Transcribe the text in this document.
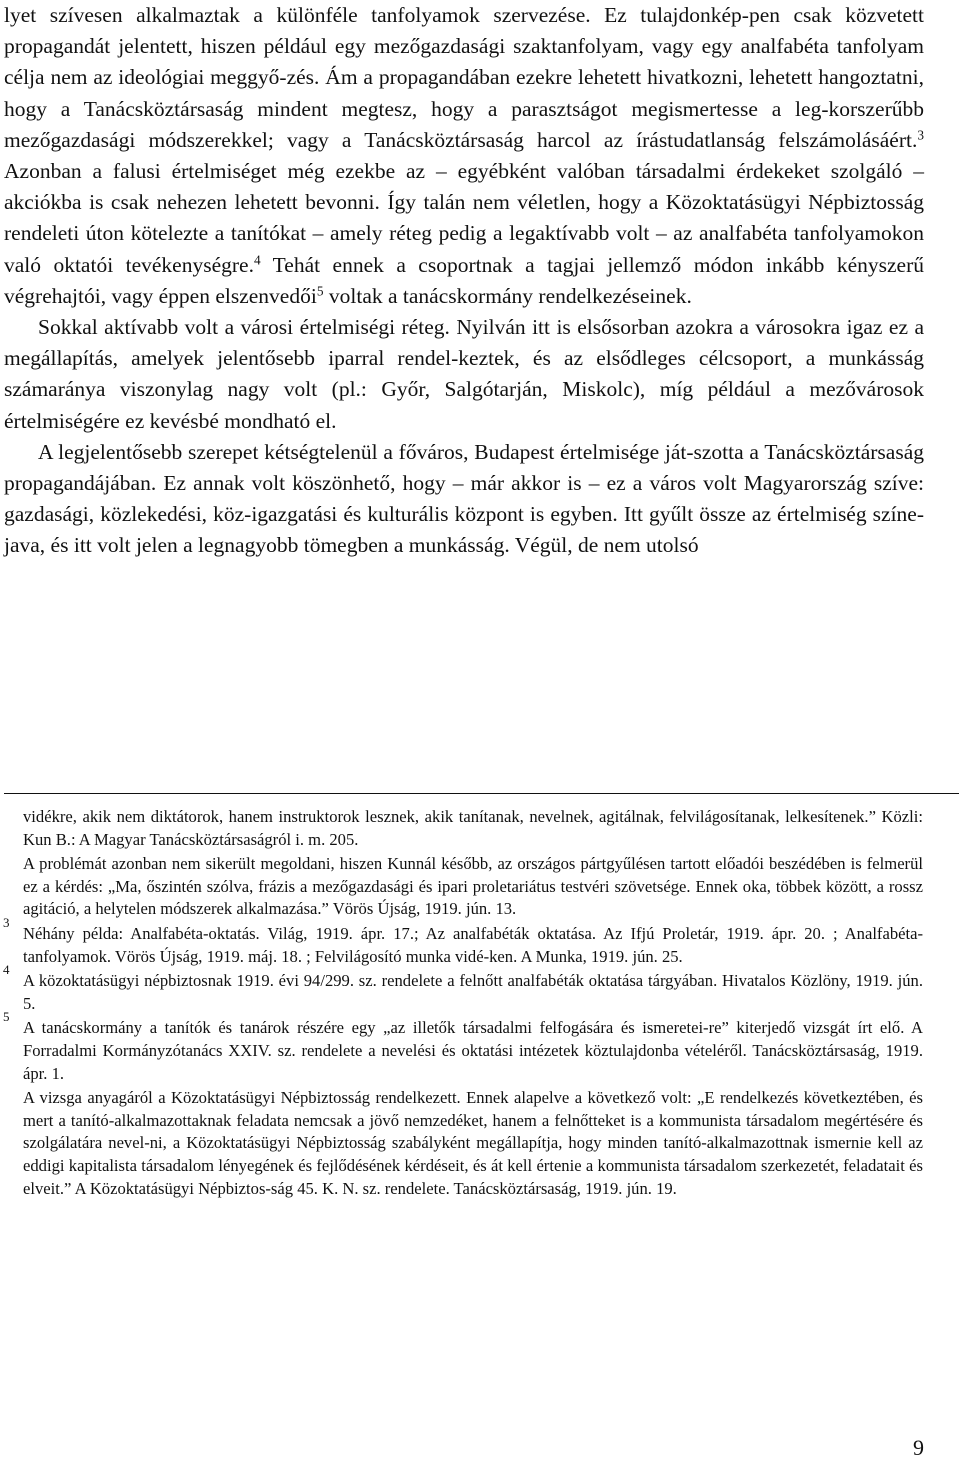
lyet szívesen alkalmaztak a különféle tanfolyamok szervezése. Ez tulajdonkép-pen csak közvetett propagandát jelentett, hiszen például egy mezőgazdasági szaktanfolyam, vagy egy analfabéta tanfolyam célja nem az ideológiai meggyő-zés. Ám a propagandában ezekre lehetett hivatkozni, lehetett hangoztatni, hogy a Tanácsköztársaság mindent megtesz, hogy a parasztságot megismertesse a leg-korszerűbb mezőgazdasági módszerekkel; vagy a Tanácsköztársaság harcol az írástudatlanság felszámolásáért.$^3$ Azonban a falusi értelmiséget még ezekbe az – egyébként valóban társadalmi érdekeket szolgáló – akciókba is csak nehezen lehetett bevonni. Így talán nem véletlen, hogy a Közoktatásügyi Népbiztosság rendeleti úton kötelezte a tanítókat – amely réteg pedig a legaktívabb volt – az analfabéta tanfolyamokon való oktatói tevékenységre.$^4$ Tehát ennek a csoportnak a tagjai jellemző módon inkább kényszerű végrehajtói, vagy éppen elszenvedői$^5$ voltak a tanácskormány rendelkezéseinek.

Sokkal aktívabb volt a városi értelmiségi réteg. Nyilván itt is elsősorban azokra a városokra igaz ez a megállapítás, amelyek jelentősebb iparral rendel-keztek, és az elsődleges célcsoport, a munkásság számaránya viszonylag nagy volt (pl.: Győr, Salgótarján, Miskolc), míg például a mezővárosok értelmiségére ez kevésbé mondható el.

A legjelentősebb szerepet kétségtelenül a főváros, Budapest értelmisége ját-szotta a Tanácsköztársaság propagandájában. Ez annak volt köszönhető, hogy – már akkor is – ez a város volt Magyarország szíve: gazdasági, közlekedési, köz-igazgatási és kulturális központ is egyben. Itt gyűlt össze az értelmiség színe-java, és itt volt jelen a legnagyobb tömegben a munkásság. Végül, de nem utolsó

vidékre, akik nem diktátorok, hanem instruktorok lesznek, akik tanítanak, nevelnek, agitálnak, felvilágosítanak, lelkesítenek.” Közli: Kun B.: A Magyar Tanácsköztársaságról i. m. 205.

A problémát azonban nem sikerült megoldani, hiszen Kunnál később, az országos pártgyűlésen tartott előadói beszédében is felmerül ez a kérdés: „Ma, őszintén szólva, frázis a mezőgazdasági és ipari proletariátus testvéri szövetsége. Ennek oka, többek között, a rossz agitáció, a helytelen módszerek alkalmazása.” Vörös Újság, 1919. jún. 13.

3
Néhány példa: Analfabéta-oktatás. Világ, 1919. ápr. 17.; Az analfabéták oktatása. Az Ifjú Proletár, 1919. ápr. 20. ; Analfabéta-tanfolyamok. Vörös Újság, 1919. máj. 18. ; Felvilágosító munka vidé-ken. A Munka, 1919. jún. 25.

4
A közoktatásügyi népbiztosnak 1919. évi 94/299. sz. rendelete a felnőtt analfabéták oktatása tárgyában. Hivatalos Közlöny, 1919. jún. 5.

5
A tanácskormány a tanítók és tanárok részére egy „az illetők társadalmi felfogására és ismeretei-re” kiterjedő vizsgát írt elő. A Forradalmi Kormányzótanács XXIV. sz. rendelete a nevelési és oktatási intézetek köztulajdonba vételéről. Tanácsköztársaság, 1919. ápr. 1.

A vizsga anyagáról a Közoktatásügyi Népbiztosság rendelkezett. Ennek alapelve a következő volt: „E rendelkezés következtében, és mert a tanító-alkalmazottaknak feladata nemcsak a jövő nemzedéket, hanem a felnőtteket is a kommunista társadalom megértésére és szolgálatára nevel-ni, a Közoktatásügyi Népbiztosság szabályként megállapítja, hogy minden tanító-alkalmazottnak ismernie kell az eddigi kapitalista társadalom lényegének és fejlődésének kérdéseit, és át kell értenie a kommunista társadalom szerkezetét, feladatait és elveit.” A Közoktatásügyi Népbiztos-ság 45. K. N. sz. rendelete. Tanácsköztársaság, 1919. jún. 19.

9
